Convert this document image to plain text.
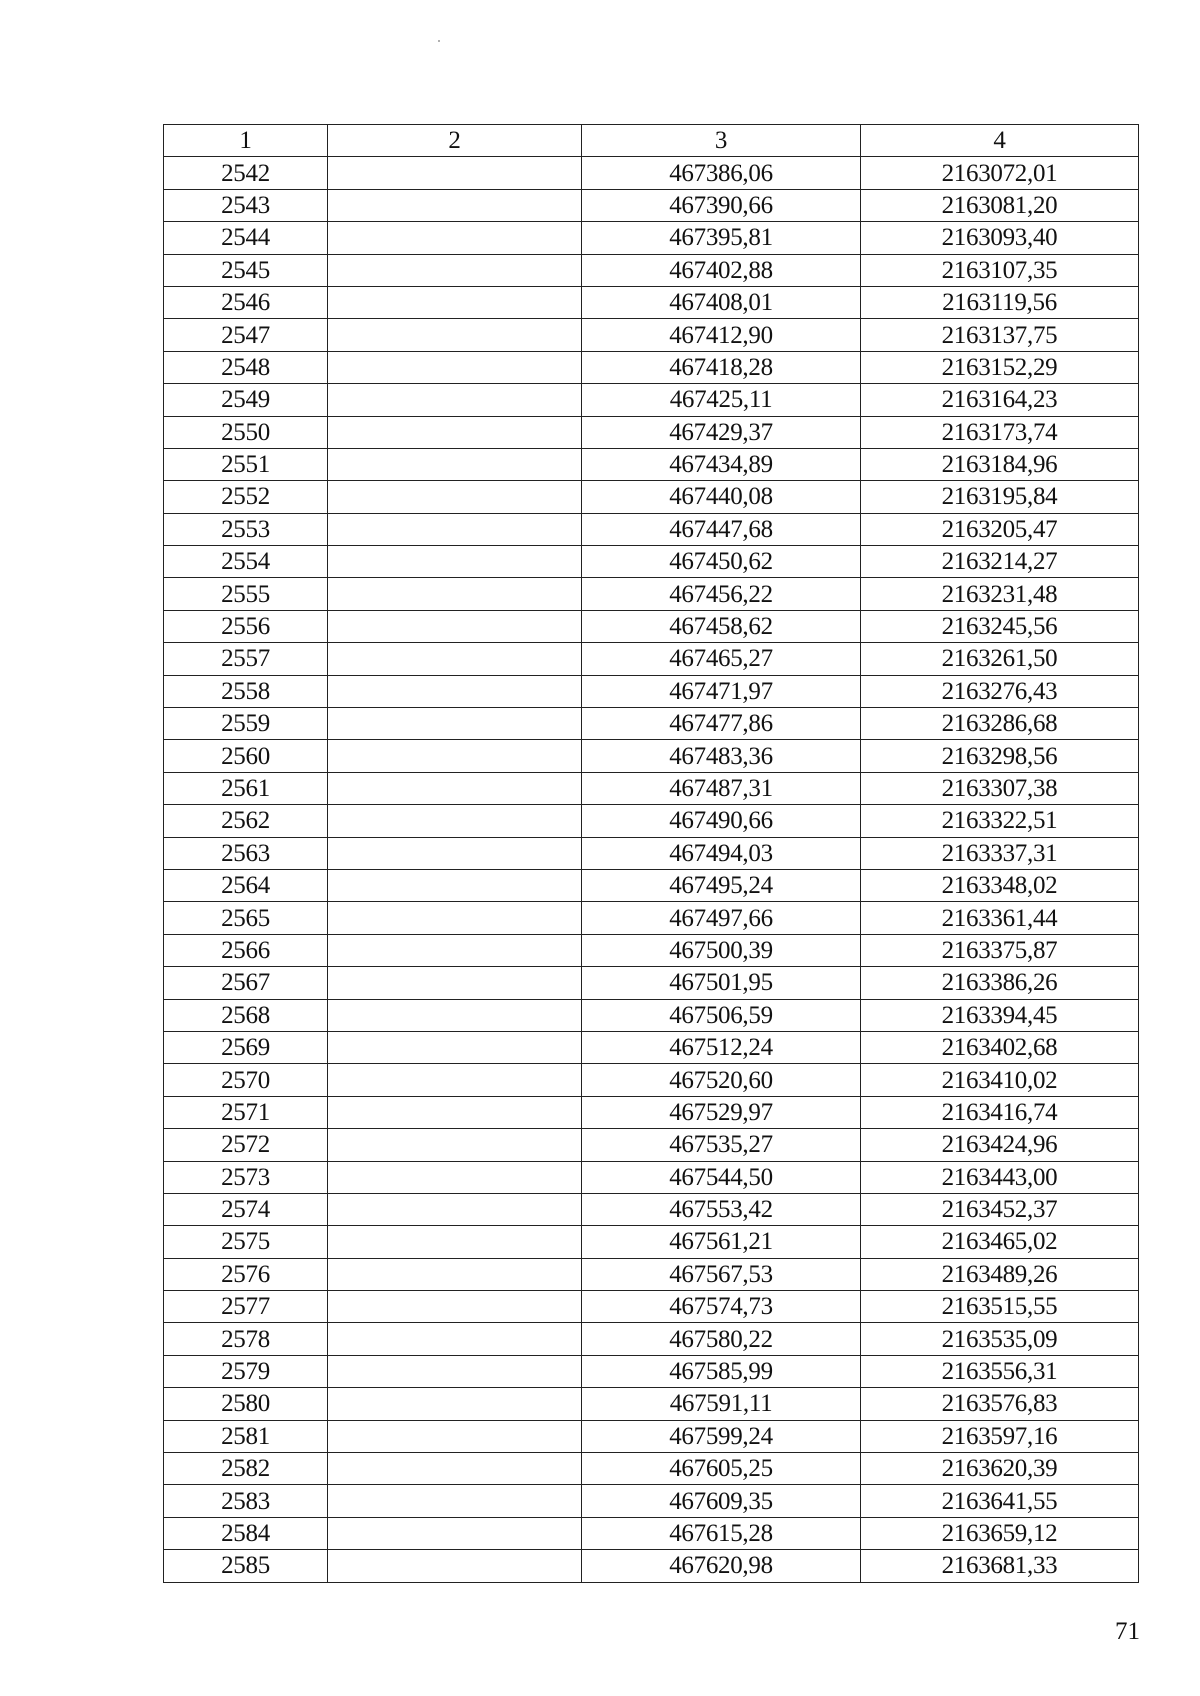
1	2	3	4
2542		467386,06	2163072,01
2543		467390,66	2163081,20
2544		467395,81	2163093,40
2545		467402,88	2163107,35
2546		467408,01	2163119,56
2547		467412,90	2163137,75
2548		467418,28	2163152,29
2549		467425,11	2163164,23
2550		467429,37	2163173,74
2551		467434,89	2163184,96
2552		467440,08	2163195,84
2553		467447,68	2163205,47
2554		467450,62	2163214,27
2555		467456,22	2163231,48
2556		467458,62	2163245,56
2557		467465,27	2163261,50
2558		467471,97	2163276,43
2559		467477,86	2163286,68
2560		467483,36	2163298,56
2561		467487,31	2163307,38
2562		467490,66	2163322,51
2563		467494,03	2163337,31
2564		467495,24	2163348,02
2565		467497,66	2163361,44
2566		467500,39	2163375,87
2567		467501,95	2163386,26
2568		467506,59	2163394,45
2569		467512,24	2163402,68
2570		467520,60	2163410,02
2571		467529,97	2163416,74
2572		467535,27	2163424,96
2573		467544,50	2163443,00
2574		467553,42	2163452,37
2575		467561,21	2163465,02
2576		467567,53	2163489,26
2577		467574,73	2163515,55
2578		467580,22	2163535,09
2579		467585,99	2163556,31
2580		467591,11	2163576,83
2581		467599,24	2163597,16
2582		467605,25	2163620,39
2583		467609,35	2163641,55
2584		467615,28	2163659,12
2585		467620,98	2163681,33
71
